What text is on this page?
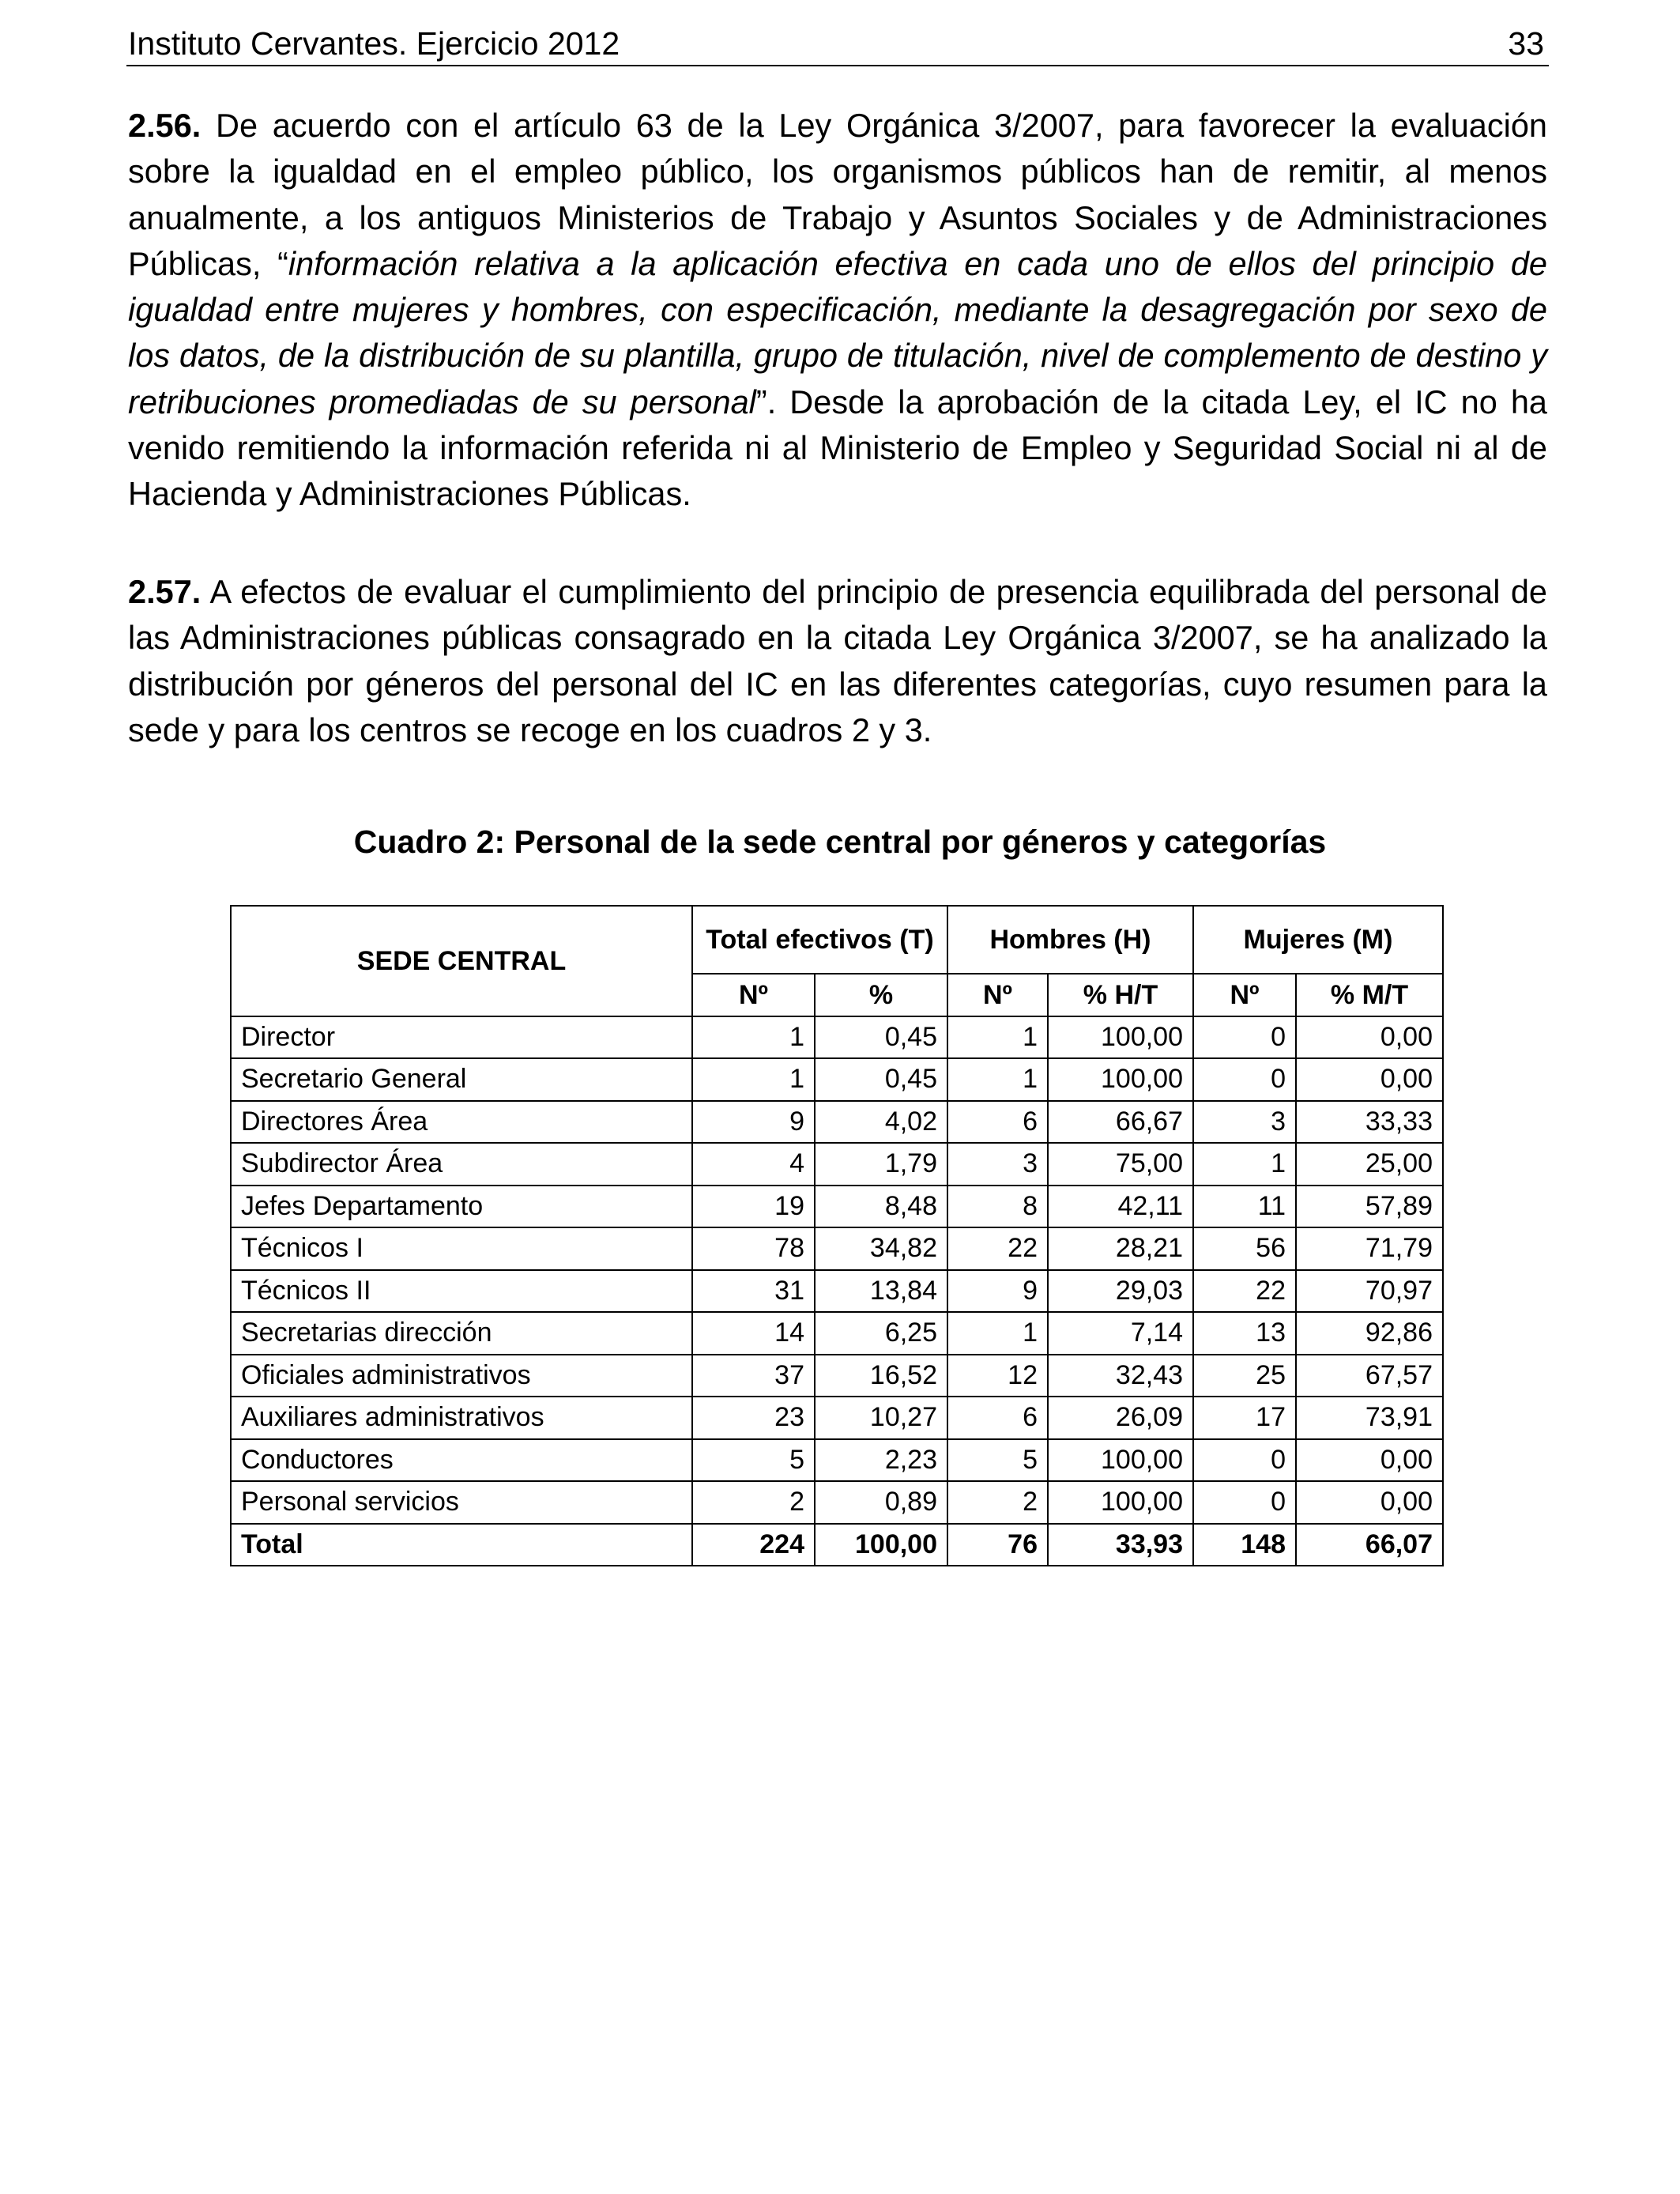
Instituto Cervantes. Ejercicio 2012	33

2.56. De acuerdo con el artículo 63 de la Ley Orgánica 3/2007, para favorecer la evaluación sobre la igualdad en el empleo público, los organismos públicos han de remitir, al menos anualmente, a los antiguos Ministerios de Trabajo y Asuntos Sociales y de Administraciones Públicas, “información relativa a la aplicación efectiva en cada uno de ellos del principio de igualdad entre mujeres y hombres, con especificación, mediante la desagregación por sexo de los datos, de la distribución de su plantilla, grupo de titulación, nivel de complemento de destino y retribuciones promediadas de su personal”. Desde la aprobación de la citada Ley, el IC no ha venido remitiendo la información referida ni al Ministerio de Empleo y Seguridad Social ni al de Hacienda y Administraciones Públicas.

2.57. A efectos de evaluar el cumplimiento del principio de presencia equilibrada del personal de las Administraciones públicas consagrado en la citada Ley Orgánica 3/2007, se ha analizado la distribución por géneros del personal del IC en las diferentes categorías, cuyo resumen para la sede y para los centros se recoge en los cuadros 2 y 3.

Cuadro 2: Personal de la sede central por géneros y categorías
SEDE CENTRAL	Total efectivos (T)		Hombres (H)		Mujeres (M)	
	Nº	%	Nº	% H/T	Nº	% M/T
Director	1	0,45	1	100,00	0	0,00
Secretario General	1	0,45	1	100,00	0	0,00
Directores Área	9	4,02	6	66,67	3	33,33
Subdirector Área	4	1,79	3	75,00	1	25,00
Jefes Departamento	19	8,48	8	42,11	11	57,89
Técnicos I	78	34,82	22	28,21	56	71,79
Técnicos II	31	13,84	9	29,03	22	70,97
Secretarias dirección	14	6,25	1	7,14	13	92,86
Oficiales administrativos	37	16,52	12	32,43	25	67,57
Auxiliares administrativos	23	10,27	6	26,09	17	73,91
Conductores	5	2,23	5	100,00	0	0,00
Personal servicios	2	0,89	2	100,00	0	0,00
Total	224	100,00	76	33,93	148	66,07
